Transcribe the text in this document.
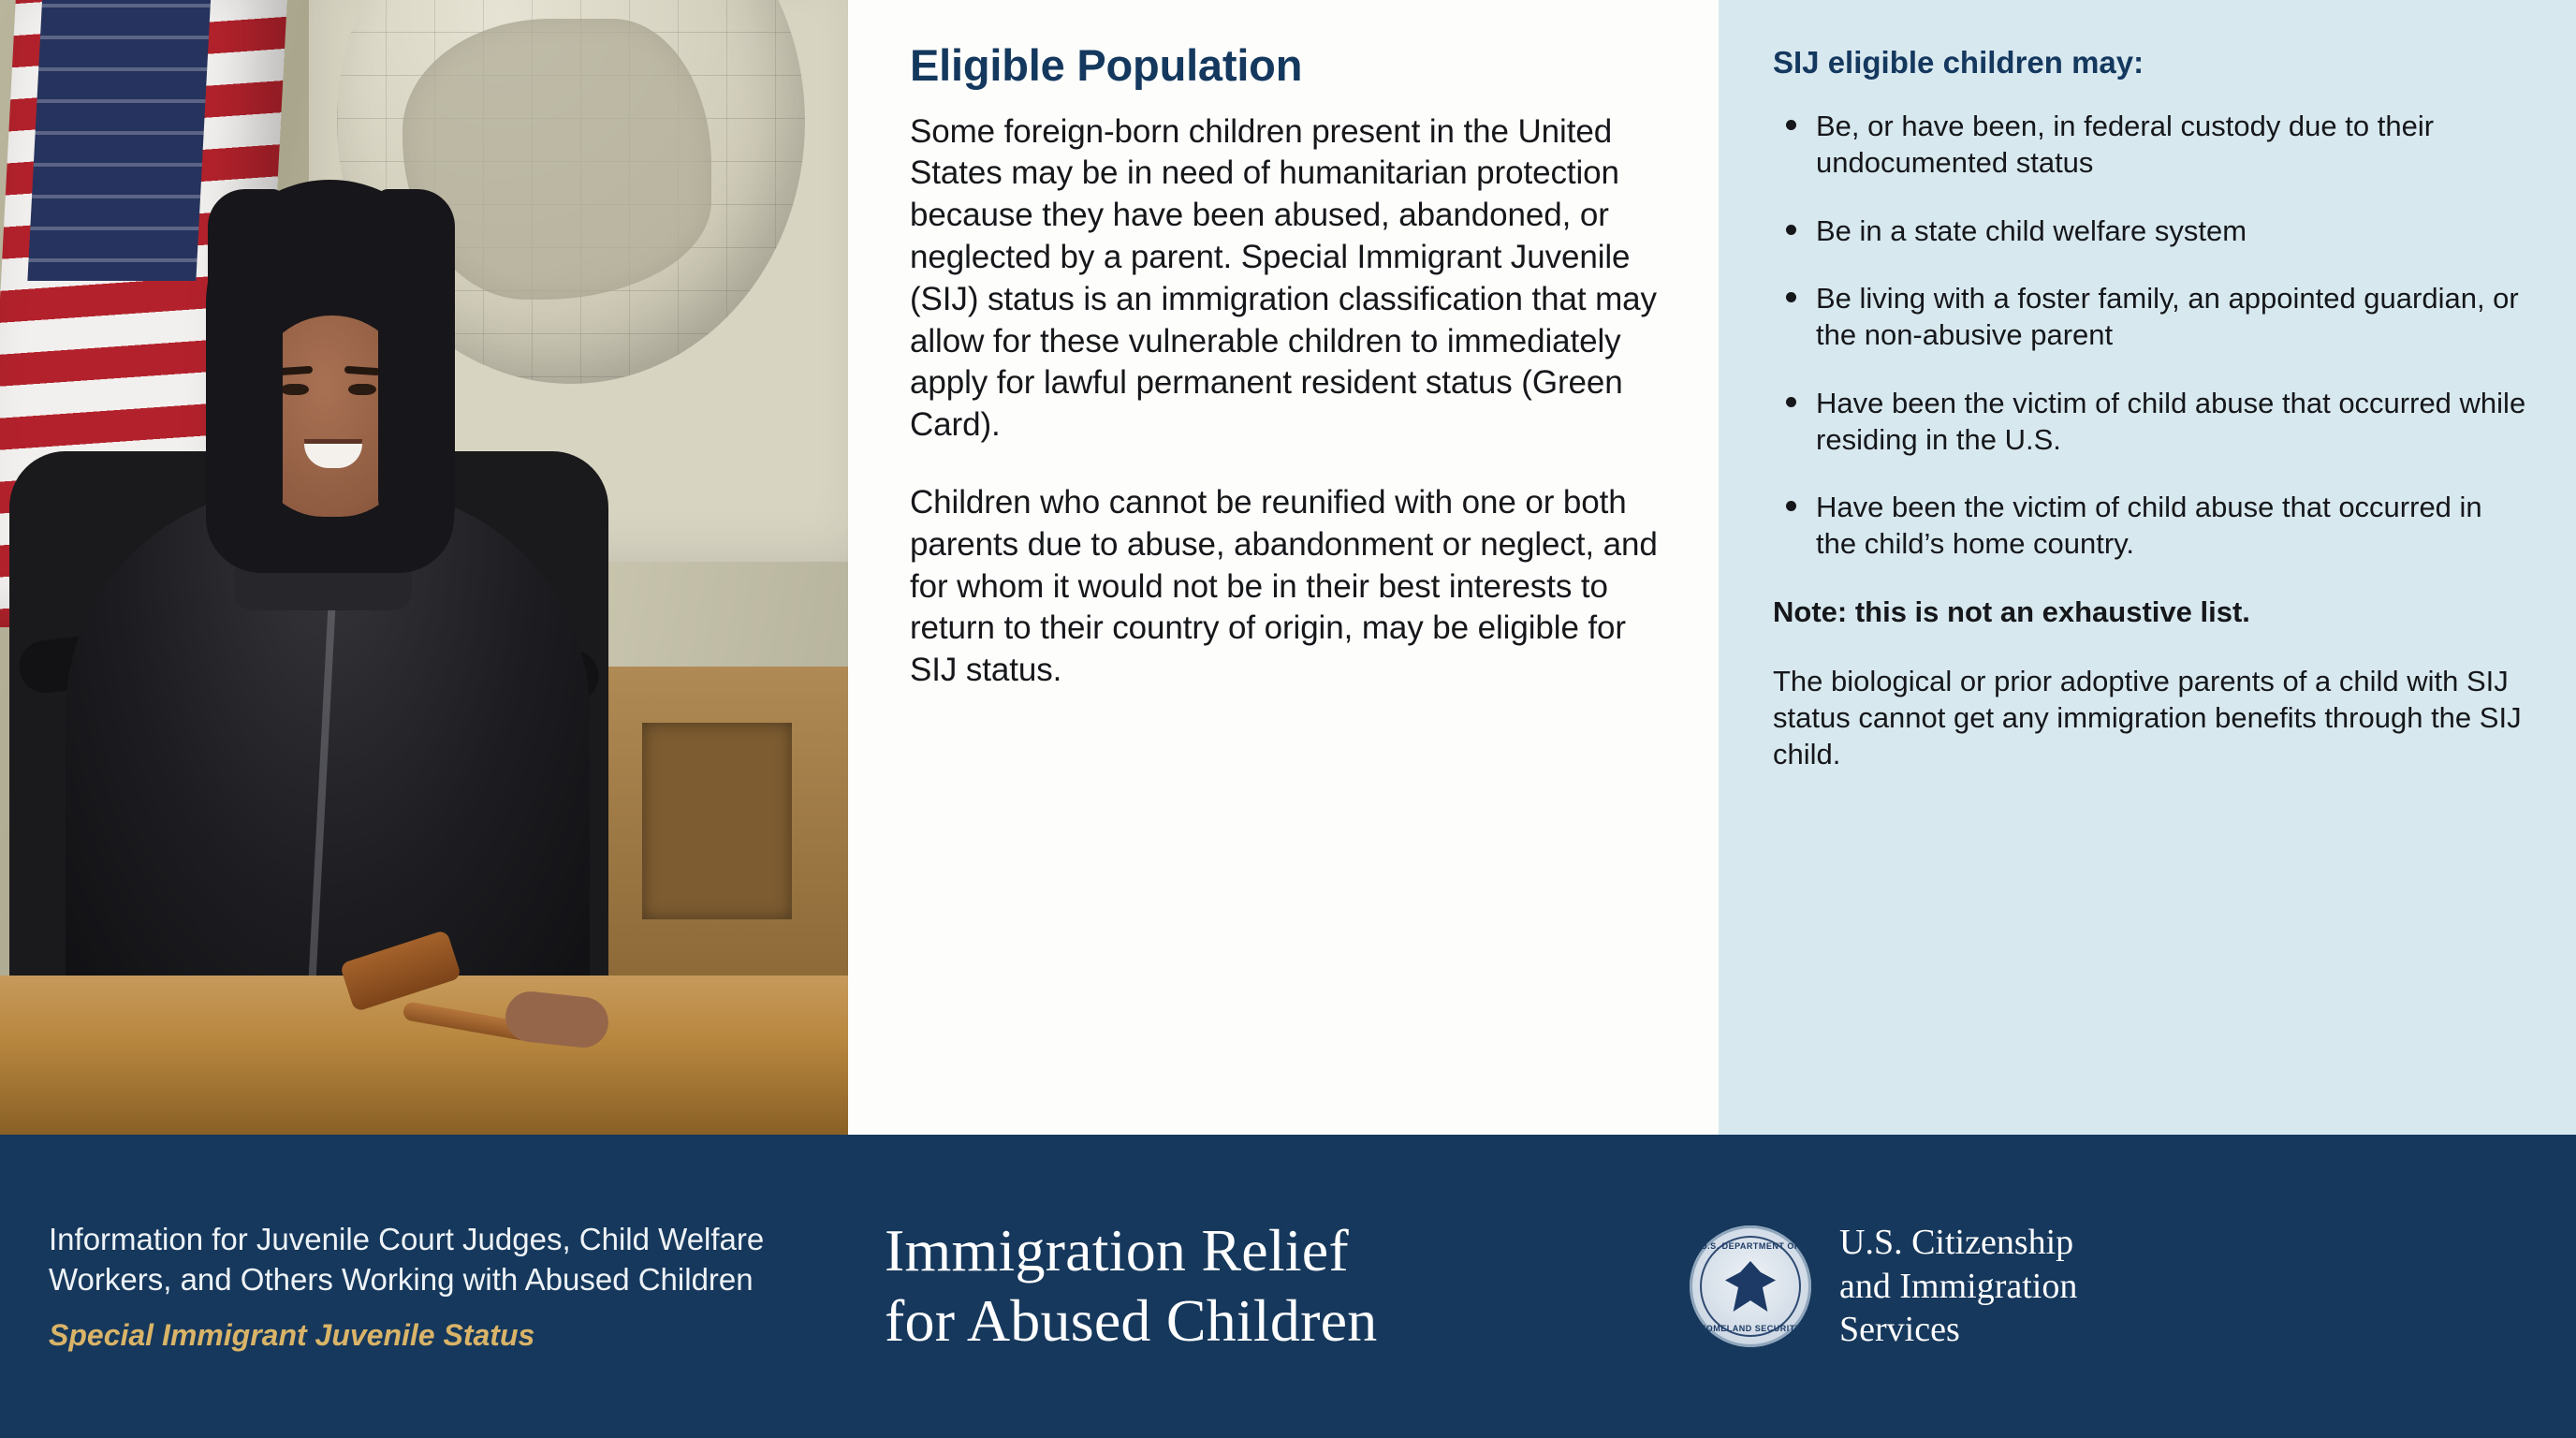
Eligible Population

Some foreign-born children present in the United States may be in need of humanitarian protection because they have been abused, abandoned, or neglected by a parent. Special Immigrant Juvenile (SIJ) status is an immigration classification that may allow for these vulnerable children to immediately apply for lawful permanent resident status (Green Card).

Children who cannot be reunified with one or both parents due to abuse, abandonment or neglect, and for whom it would not be in their best interests to return to their country of origin, may be eligible for SIJ status.

SIJ eligible children may:
Be, or have been, in federal custody due to their undocumented status
Be in a state child welfare system
Be living with a foster family, an appointed guardian, or the non-abusive parent
Have been the victim of child abuse that occurred while residing in the U.S.
Have been the victim of child abuse that occurred in the child’s home country.
Note: this is not an exhaustive list.
The biological or prior adoptive parents of a child with SIJ status cannot get any immigration benefits through the SIJ child.
Information for Juvenile Court Judges, Child Welfare Workers, and Others Working with Abused Children
Special Immigrant Juvenile Status
Immigration Relief
for Abused Children
U.S. DEPARTMENT OF
HOMELAND SECURITY
U.S. Citizenship
and Immigration
Services
